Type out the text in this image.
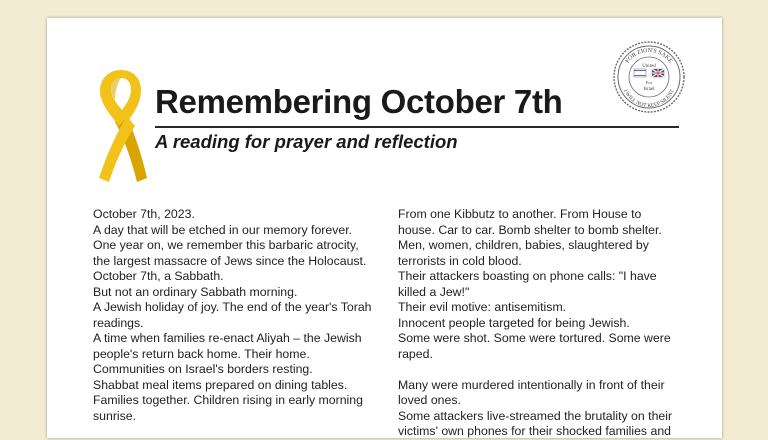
Remembering October 7th
A reading for prayer and reflection
FOR ZION'S SAKE
I WILL NOT KEEP SILENT
United
For
Israel
October 7th, 2023.
A day that will be etched in our memory forever.
One year on, we remember this barbaric atrocity,
the largest massacre of Jews since the Holocaust.
October 7th, a Sabbath.
But not an ordinary Sabbath morning.
A Jewish holiday of joy. The end of the year's Torah
readings.
A time when families re-enact Aliyah – the Jewish
people's return back home. Their home.
Communities on Israel's borders resting.
Shabbat meal items prepared on dining tables.
Families together. Children rising in early morning
sunrise.
From one Kibbutz to another. From House to
house. Car to car. Bomb shelter to bomb shelter.
Men, women, children, babies, slaughtered by
terrorists in cold blood.
Their attackers boasting on phone calls: "I have
killed a Jew!"
Their evil motive: antisemitism.
Innocent people targeted for being Jewish.
Some were shot. Some were tortured. Some were
raped.
Many were murdered intentionally in front of their
loved ones.
Some attackers live-streamed the brutality on their
victims' own phones for their shocked families and
